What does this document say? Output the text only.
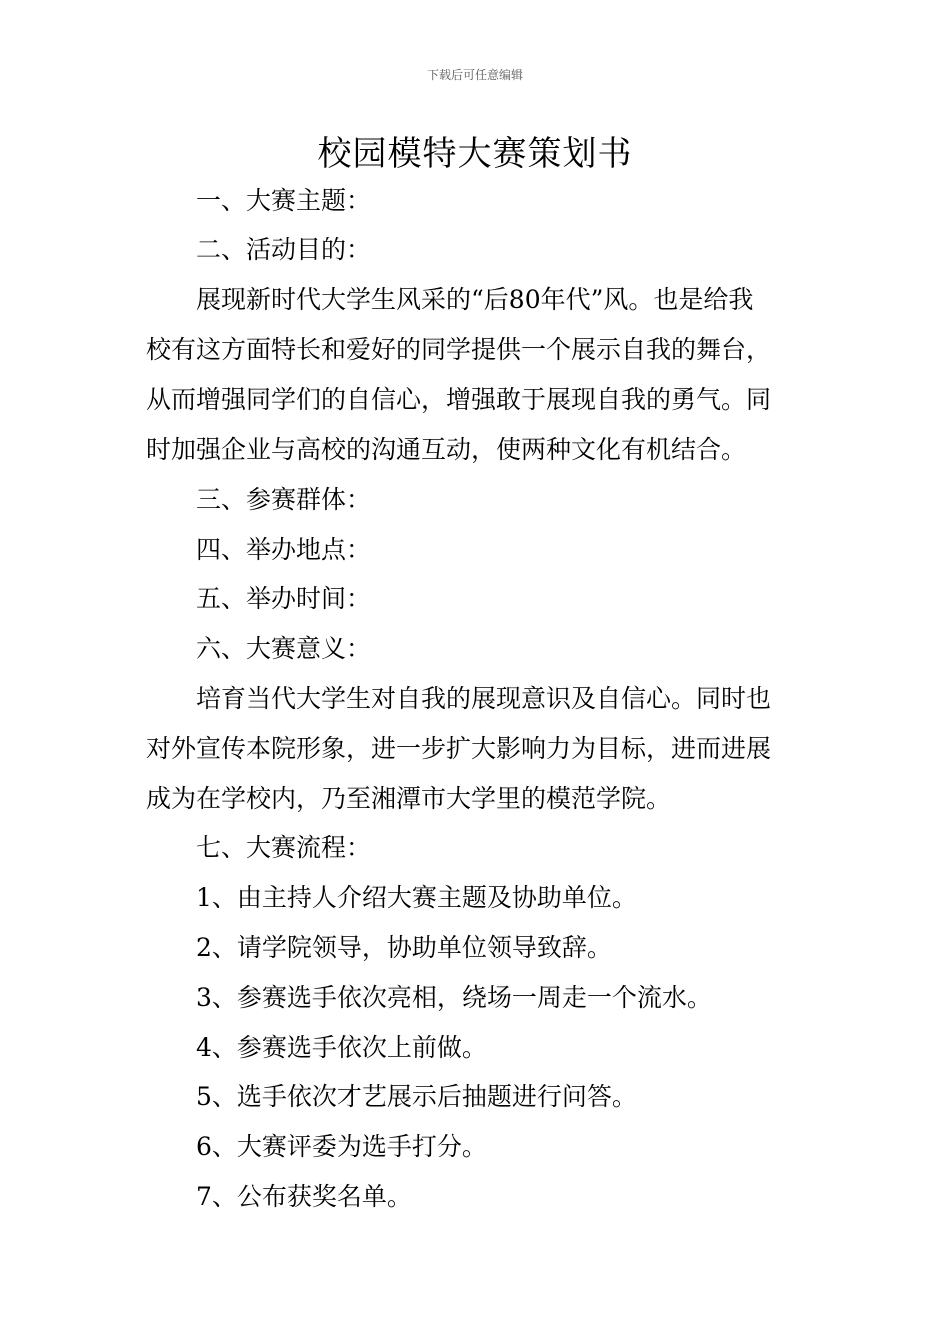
下载后可任意编辑
校园模特大赛策划书
一、大赛主题：
二、活动目的：
展现新时代大学生风采的“后80年代”风。也是给我
校有这方面特长和爱好的同学提供一个展示自我的舞台，
从而增强同学们的自信心，增强敢于展现自我的勇气。同
时加强企业与高校的沟通互动，使两种文化有机结合。
三、参赛群体：
四、举办地点：
五、举办时间：
六、大赛意义：
培育当代大学生对自我的展现意识及自信心。同时也
对外宣传本院形象，进一步扩大影响力为目标，进而进展
成为在学校内，乃至湘潭市大学里的模范学院。
七、大赛流程：
1、由主持人介绍大赛主题及协助单位。
2、请学院领导，协助单位领导致辞。
3、参赛选手依次亮相，绕场一周走一个流水。
4、参赛选手依次上前做。
5、选手依次才艺展示后抽题进行问答。
6、大赛评委为选手打分。
7、公布获奖名单。
